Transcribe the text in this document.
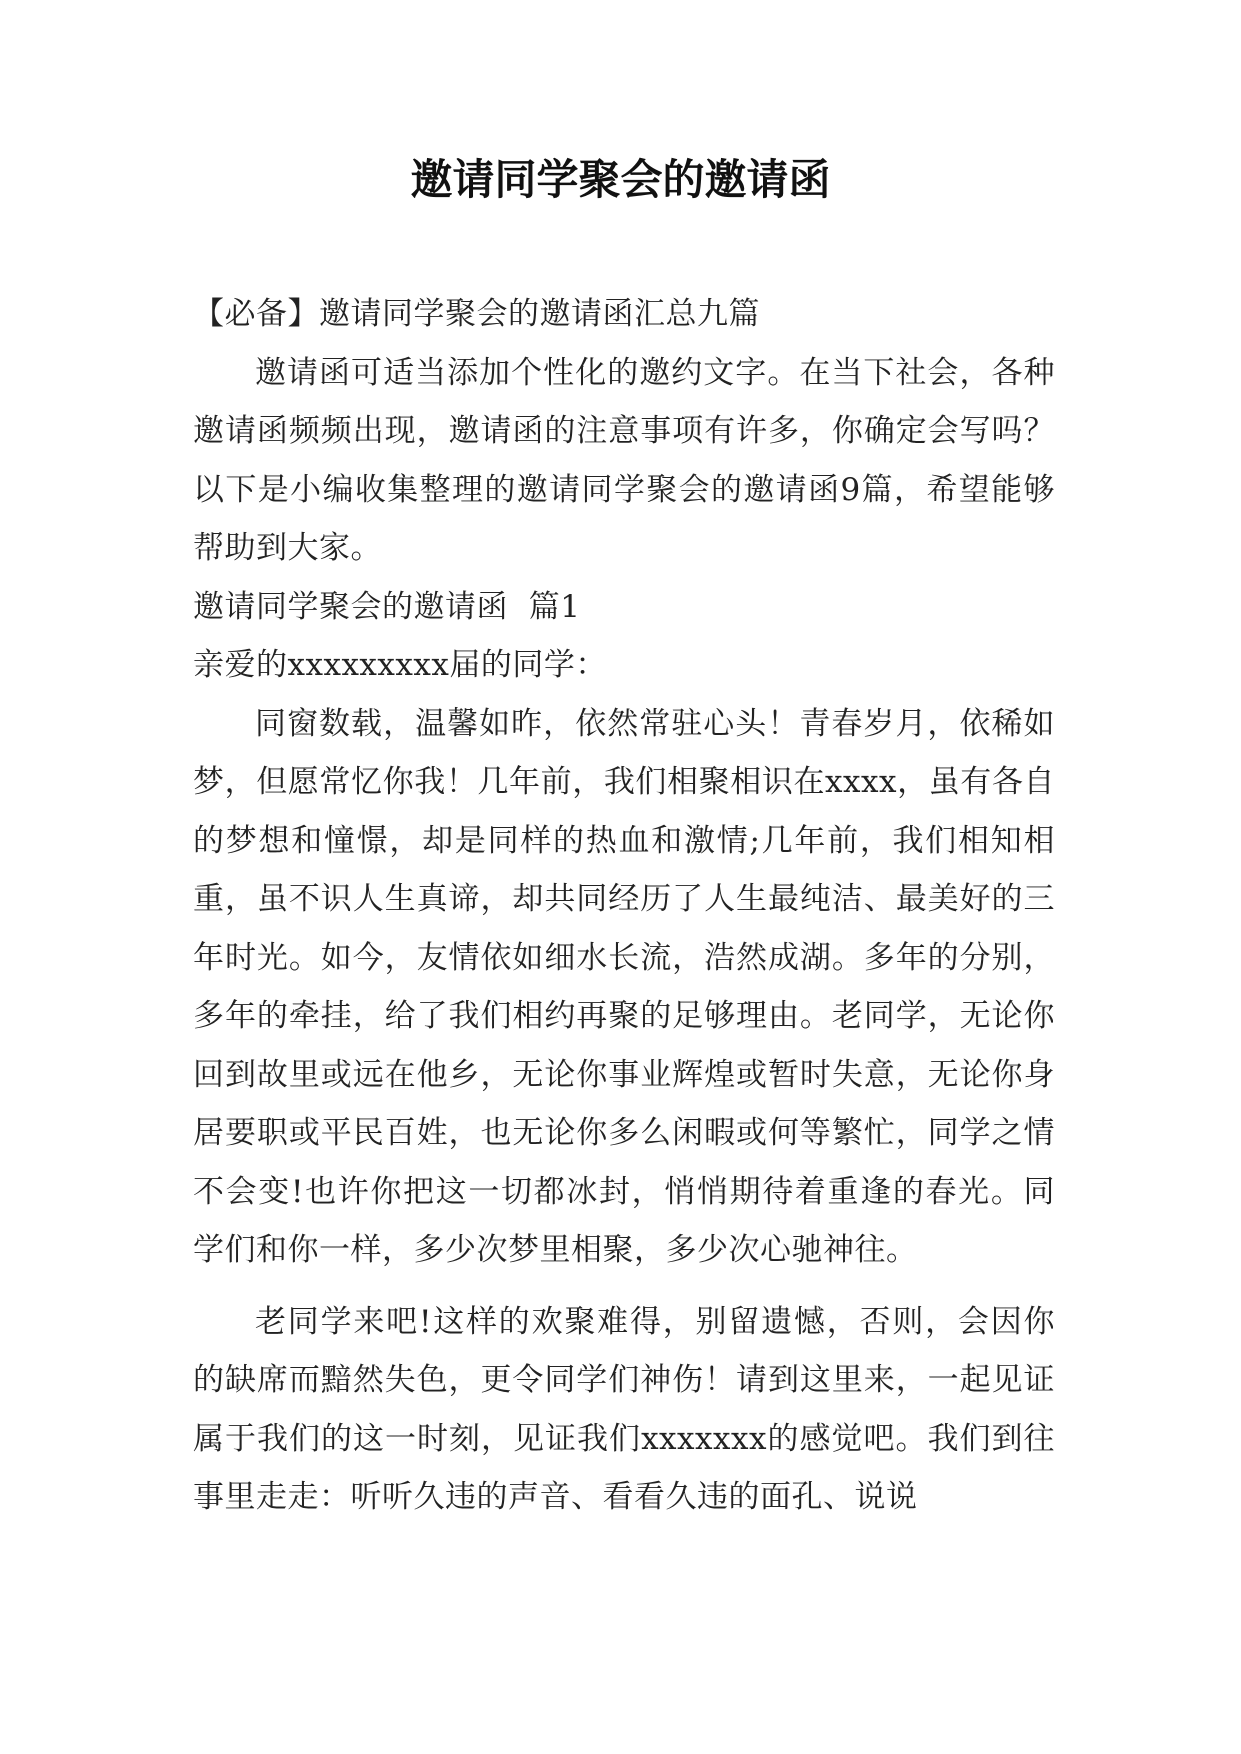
邀请同学聚会的邀请函

【必备】邀请同学聚会的邀请函汇总九篇

邀请函可适当添加个性化的邀约文字。在当下社会，各种邀请函频频出现，邀请函的注意事项有许多，你确定会写吗？以下是小编收集整理的邀请同学聚会的邀请函9篇，希望能够帮助到大家。

邀请同学聚会的邀请函  篇1

亲爱的xxxxxxxxx届的同学：

同窗数载，温馨如昨，依然常驻心头！青春岁月，依稀如梦，但愿常忆你我！几年前，我们相聚相识在xxxx，虽有各自的梦想和憧憬，却是同样的热血和激情;几年前，我们相知相重，虽不识人生真谛，却共同经历了人生最纯洁、最美好的三年时光。如今，友情依如细水长流，浩然成湖。多年的分别，多年的牵挂，给了我们相约再聚的足够理由。老同学，无论你回到故里或远在他乡，无论你事业辉煌或暂时失意，无论你身居要职或平民百姓，也无论你多么闲暇或何等繁忙，同学之情不会变!也许你把这一切都冰封，悄悄期待着重逢的春光。同学们和你一样，多少次梦里相聚，多少次心驰神往。

老同学来吧!这样的欢聚难得，别留遗憾，否则，会因你的缺席而黯然失色，更令同学们神伤！请到这里来，一起见证属于我们的这一时刻，见证我们xxxxxxx的感觉吧。我们到往事里走走：听听久违的声音、看看久违的面孔、说说
